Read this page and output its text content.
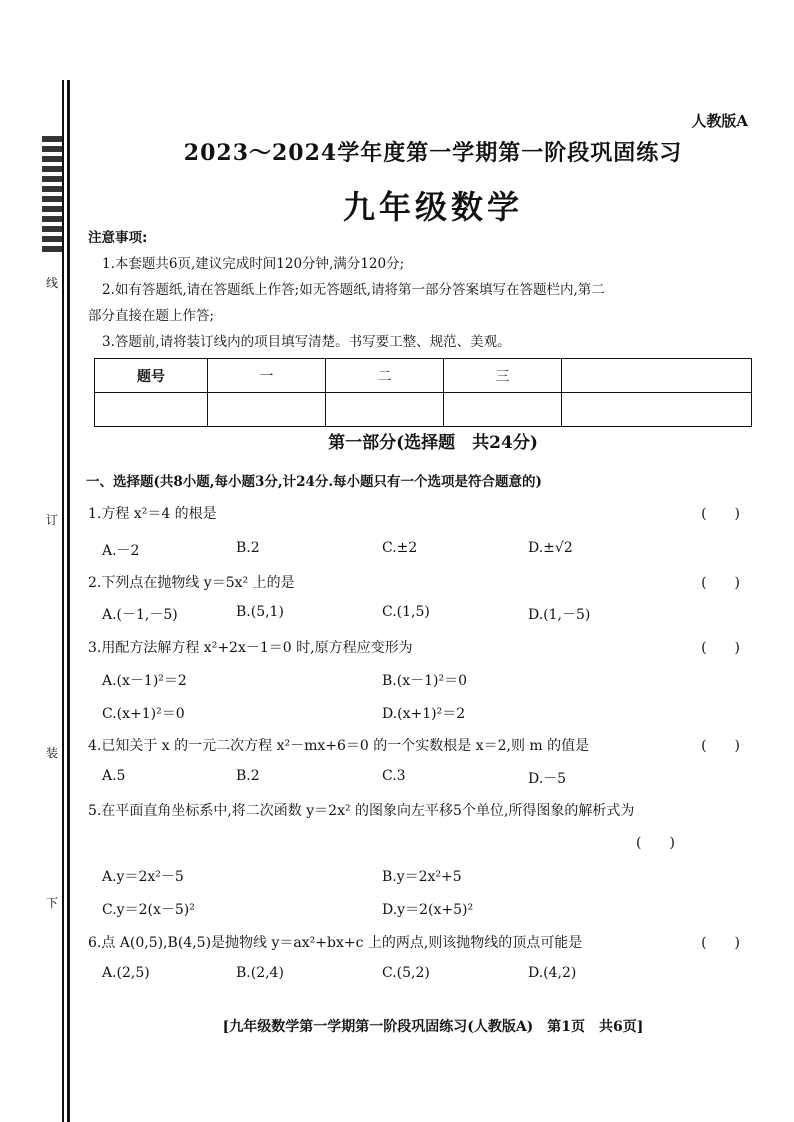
线
订
装
下
人教版A
2023～2024学年度第一学期第一阶段巩固练习
九年级数学
注意事项:
1.本套题共6页,建议完成时间120分钟,满分120分;
2.如有答题纸,请在答题纸上作答;如无答题纸,请将第一部分答案填写在答题栏内,第二
部分直接在题上作答;
3.答题前,请将装订线内的项目填写清楚。书写要工整、规范、美观。
题号	一	二	三	

第一部分(选择题　共24分)
一、选择题(共8小题,每小题3分,计24分.每小题只有一个选项是符合题意的)
1.方程 x²＝4 的根是	(　　)
A.－2	B.2	C.±2	D.±√2
2.下列点在抛物线 y＝5x² 上的是	(　　)
A.(－1,－5)	B.(5,1)	C.(1,5)	D.(1,－5)
3.用配方法解方程 x²+2x－1＝0 时,原方程应变形为	(　　)
A.(x－1)²＝2	B.(x－1)²＝0
C.(x+1)²＝0	D.(x+1)²＝2
4.已知关于 x 的一元二次方程 x²－mx+6＝0 的一个实数根是 x＝2,则 m 的值是	(　　)
A.5	B.2	C.3	D.－5
5.在平面直角坐标系中,将二次函数 y＝2x² 的图象向左平移5个单位,所得图象的解析式为
(　　)
A.y＝2x²－5	B.y＝2x²+5
C.y＝2(x－5)²	D.y＝2(x+5)²
6.点 A(0,5),B(4,5)是抛物线 y＝ax²+bx+c 上的两点,则该抛物线的顶点可能是	(　　)
A.(2,5)	B.(2,4)	C.(5,2)	D.(4,2)
[九年级数学第一学期第一阶段巩固练习(人教版A)　第1页　共6页]
